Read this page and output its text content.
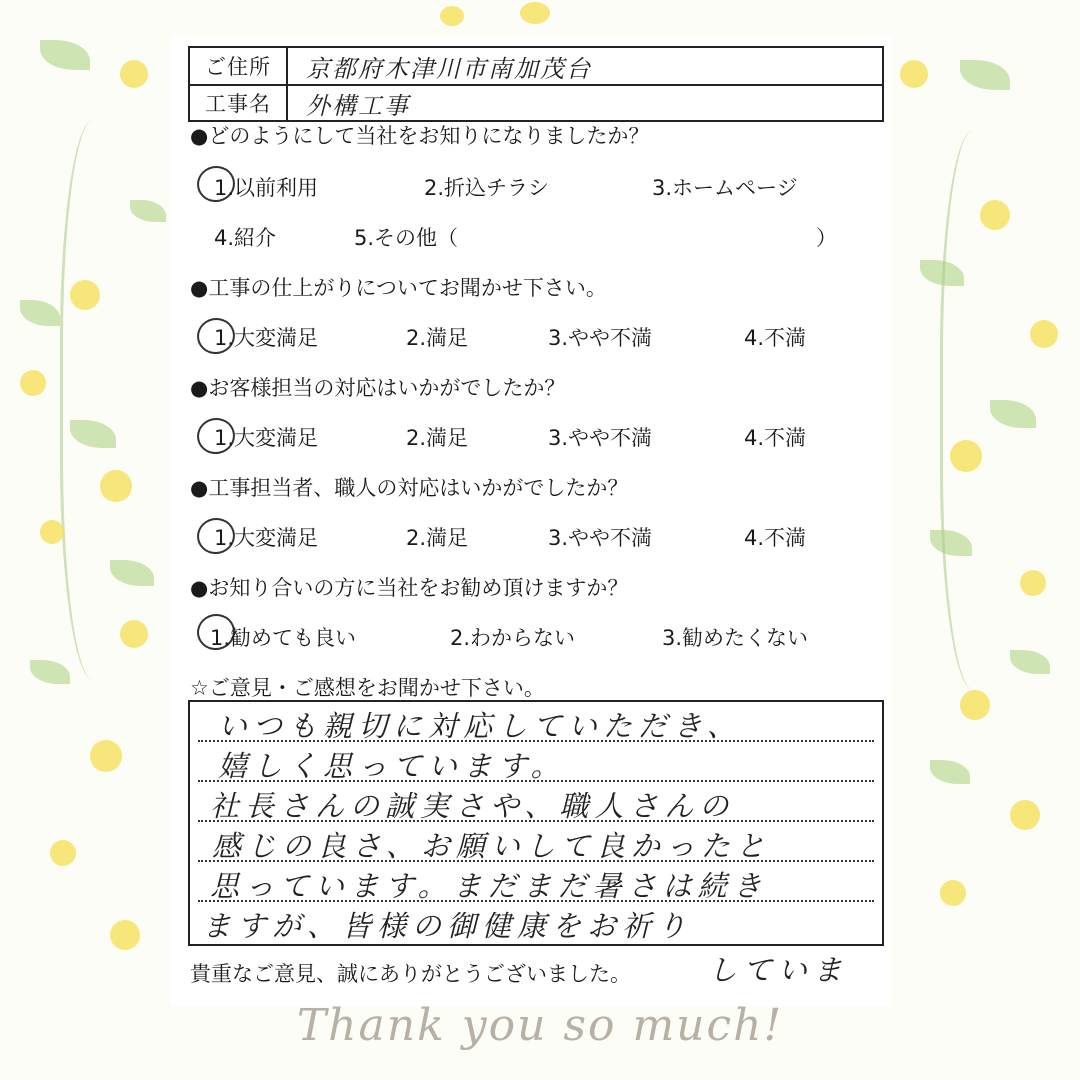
ご住所	京都府木津川市南加茂台
工事名	外構工事
●どのようにして当社をお知りになりましたか？
1.以前利用	2.折込チラシ	3.ホームページ
4.紹介	5.その他（	）
●工事の仕上がりについてお聞かせ下さい。
1.大変満足	2.満足	3.やや不満	4.不満
●お客様担当の対応はいかがでしたか？
1.大変満足	2.満足	3.やや不満	4.不満
●工事担当者、職人の対応はいかがでしたか？
1.大変満足	2.満足	3.やや不満	4.不満
●お知り合いの方に当社をお勧め頂けますか？
1.勧めても良い	2.わからない	3.勧めたくない
☆ご意見・ご感想をお聞かせ下さい。
いつも親切に対応していただき、
嬉しく思っています。
社長さんの誠実さや、職人さんの
感じの良さ、お願いして良かったと
思っています。まだまだ暑さは続き
ますが、皆様の御健康をお祈り
貴重なご意見、誠にありがとうございました。	していま
Thank you so much!
